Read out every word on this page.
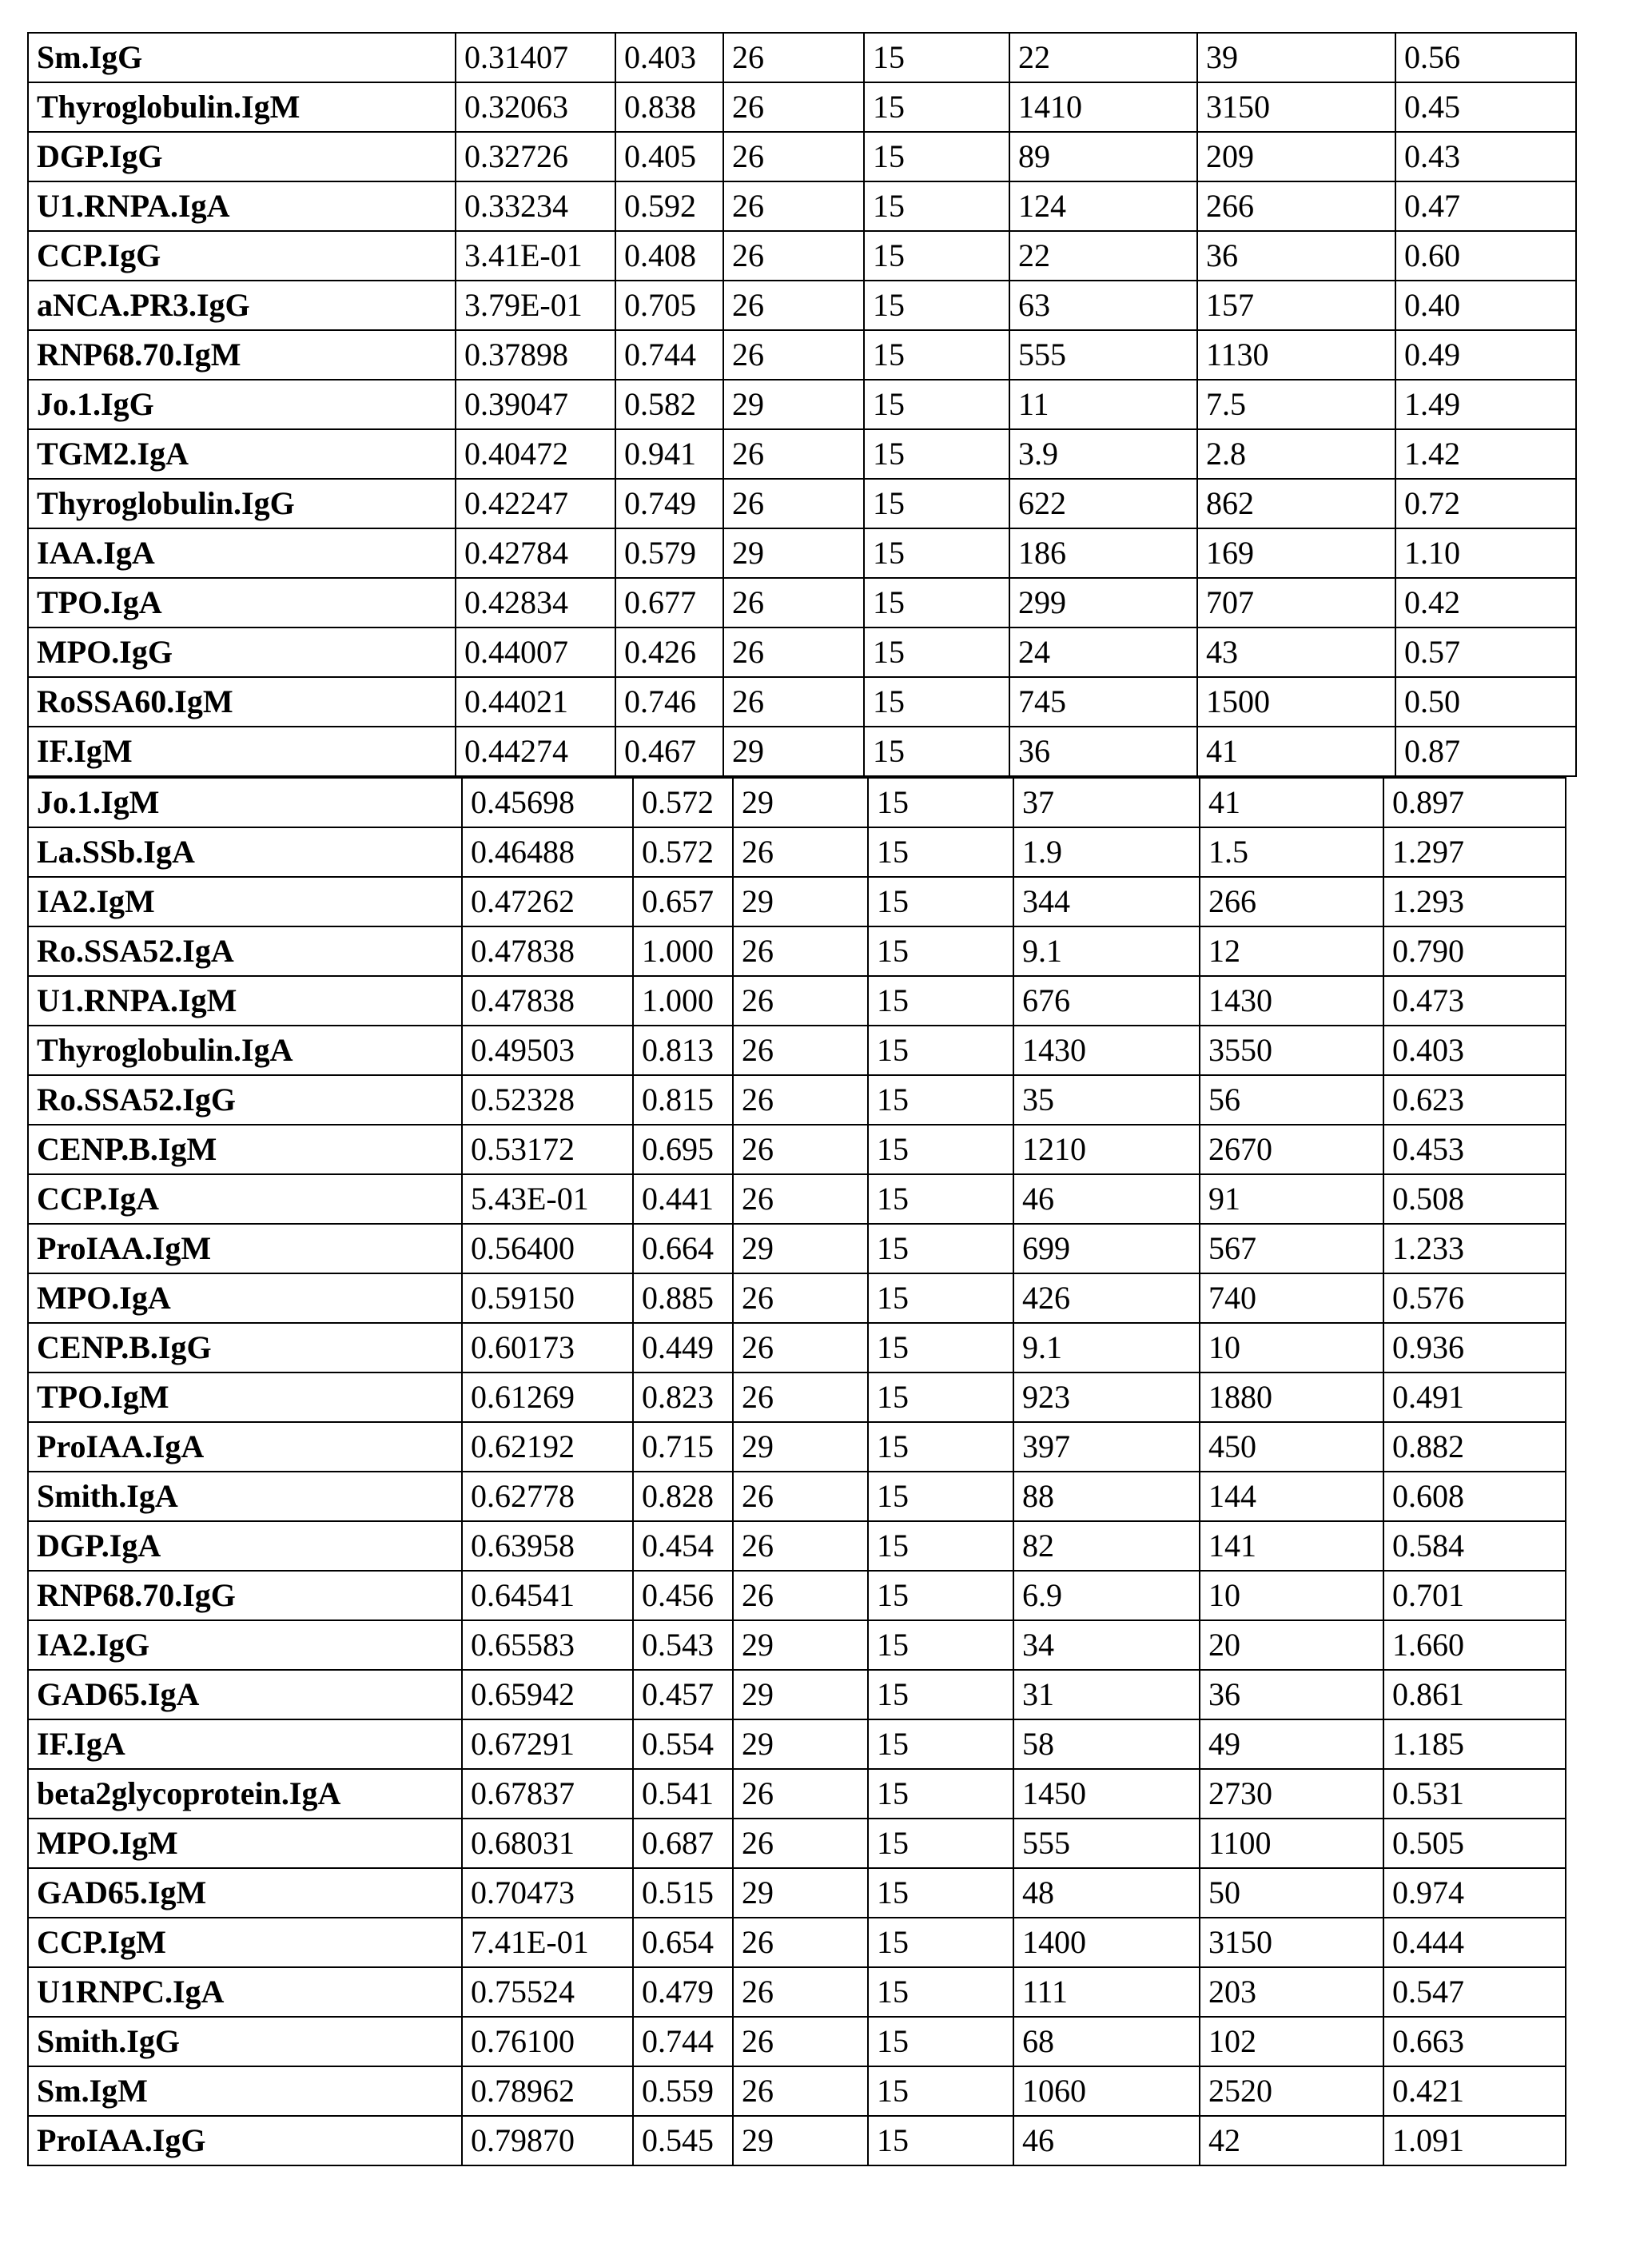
Sm.IgG	0.31407	0.403	26	15	22	39	0.56
Thyroglobulin.IgM	0.32063	0.838	26	15	1410	3150	0.45
DGP.IgG	0.32726	0.405	26	15	89	209	0.43
U1.RNPA.IgA	0.33234	0.592	26	15	124	266	0.47
CCP.IgG	3.41E-01	0.408	26	15	22	36	0.60
aNCA.PR3.IgG	3.79E-01	0.705	26	15	63	157	0.40
RNP68.70.IgM	0.37898	0.744	26	15	555	1130	0.49
Jo.1.IgG	0.39047	0.582	29	15	11	7.5	1.49
TGM2.IgA	0.40472	0.941	26	15	3.9	2.8	1.42
Thyroglobulin.IgG	0.42247	0.749	26	15	622	862	0.72
IAA.IgA	0.42784	0.579	29	15	186	169	1.10
TPO.IgA	0.42834	0.677	26	15	299	707	0.42
MPO.IgG	0.44007	0.426	26	15	24	43	0.57
RoSSA60.IgM	0.44021	0.746	26	15	745	1500	0.50
IF.IgM	0.44274	0.467	29	15	36	41	0.87
Jo.1.IgM	0.45698	0.572	29	15	37	41	0.897
La.SSb.IgA	0.46488	0.572	26	15	1.9	1.5	1.297
IA2.IgM	0.47262	0.657	29	15	344	266	1.293
Ro.SSA52.IgA	0.47838	1.000	26	15	9.1	12	0.790
U1.RNPA.IgM	0.47838	1.000	26	15	676	1430	0.473
Thyroglobulin.IgA	0.49503	0.813	26	15	1430	3550	0.403
Ro.SSA52.IgG	0.52328	0.815	26	15	35	56	0.623
CENP.B.IgM	0.53172	0.695	26	15	1210	2670	0.453
CCP.IgA	5.43E-01	0.441	26	15	46	91	0.508
ProIAA.IgM	0.56400	0.664	29	15	699	567	1.233
MPO.IgA	0.59150	0.885	26	15	426	740	0.576
CENP.B.IgG	0.60173	0.449	26	15	9.1	10	0.936
TPO.IgM	0.61269	0.823	26	15	923	1880	0.491
ProIAA.IgA	0.62192	0.715	29	15	397	450	0.882
Smith.IgA	0.62778	0.828	26	15	88	144	0.608
DGP.IgA	0.63958	0.454	26	15	82	141	0.584
RNP68.70.IgG	0.64541	0.456	26	15	6.9	10	0.701
IA2.IgG	0.65583	0.543	29	15	34	20	1.660
GAD65.IgA	0.65942	0.457	29	15	31	36	0.861
IF.IgA	0.67291	0.554	29	15	58	49	1.185
beta2glycoprotein.IgA	0.67837	0.541	26	15	1450	2730	0.531
MPO.IgM	0.68031	0.687	26	15	555	1100	0.505
GAD65.IgM	0.70473	0.515	29	15	48	50	0.974
CCP.IgM	7.41E-01	0.654	26	15	1400	3150	0.444
U1RNPC.IgA	0.75524	0.479	26	15	111	203	0.547
Smith.IgG	0.76100	0.744	26	15	68	102	0.663
Sm.IgM	0.78962	0.559	26	15	1060	2520	0.421
ProIAA.IgG	0.79870	0.545	29	15	46	42	1.091
